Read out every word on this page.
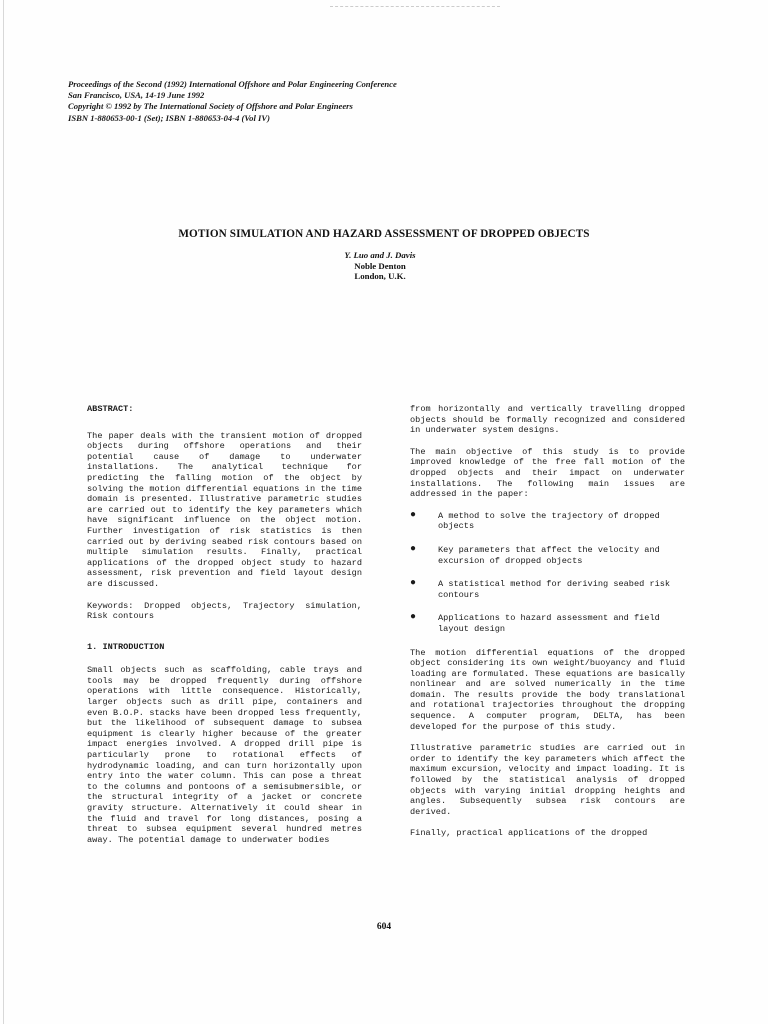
Proceedings of the Second (1992) International Offshore and Polar Engineering Conference
San Francisco, USA, 14-19 June 1992
Copyright © 1992 by The International Society of Offshore and Polar Engineers
ISBN 1-880653-00-1 (Set); ISBN 1-880653-04-4 (Vol IV)
MOTION SIMULATION AND HAZARD ASSESSMENT OF DROPPED OBJECTS
Y. Luo and J. Davis
Noble Denton
London, U.K.
ABSTRACT:

The paper deals with the transient motion of dropped objects during offshore operations and their potential cause of damage to underwater installations. The analytical technique for predicting the falling motion of the object by solving the motion differential equations in the time domain is presented. Illustrative parametric studies are carried out to identify the key parameters which have significant influence on the object motion. Further investigation of risk statistics is then carried out by deriving seabed risk contours based on multiple simulation results. Finally, practical applications of the dropped object study to hazard assessment, risk prevention and field layout design are discussed.

Keywords: Dropped objects, Trajectory simulation, Risk contours

1. INTRODUCTION

Small objects such as scaffolding, cable trays and tools may be dropped frequently during offshore operations with little consequence. Historically, larger objects such as drill pipe, containers and even B.O.P. stacks have been dropped less frequently, but the likelihood of subsequent damage to subsea equipment is clearly higher because of the greater impact energies involved. A dropped drill pipe is particularly prone to rotational effects of hydrodynamic loading, and can turn horizontally upon entry into the water column. This can pose a threat to the columns and pontoons of a semisubmersible, or the structural integrity of a jacket or concrete gravity structure. Alternatively it could shear in the fluid and travel for long distances, posing a threat to subsea equipment several hundred metres away. The potential damage to underwater bodies

from horizontally and vertically travelling dropped objects should be formally recognized and considered in underwater system designs.

The main objective of this study is to provide improved knowledge of the free fall motion of the dropped objects and their impact on underwater installations. The following main issues are addressed in the paper:

●	A method to solve the trajectory of dropped objects
●	Key parameters that affect the velocity and excursion of dropped objects
●	A statistical method for deriving seabed risk contours
●	Applications to hazard assessment and field layout design

The motion differential equations of the dropped object considering its own weight/buoyancy and fluid loading are formulated. These equations are basically nonlinear and are solved numerically in the time domain. The results provide the body translational and rotational trajectories throughout the dropping sequence. A computer program, DELTA, has been developed for the purpose of this study.

Illustrative parametric studies are carried out in order to identify the key parameters which affect the maximum excursion, velocity and impact loading. It is followed by the statistical analysis of dropped objects with varying initial dropping heights and angles. Subsequently subsea risk contours are derived.

Finally, practical applications of the dropped

604
